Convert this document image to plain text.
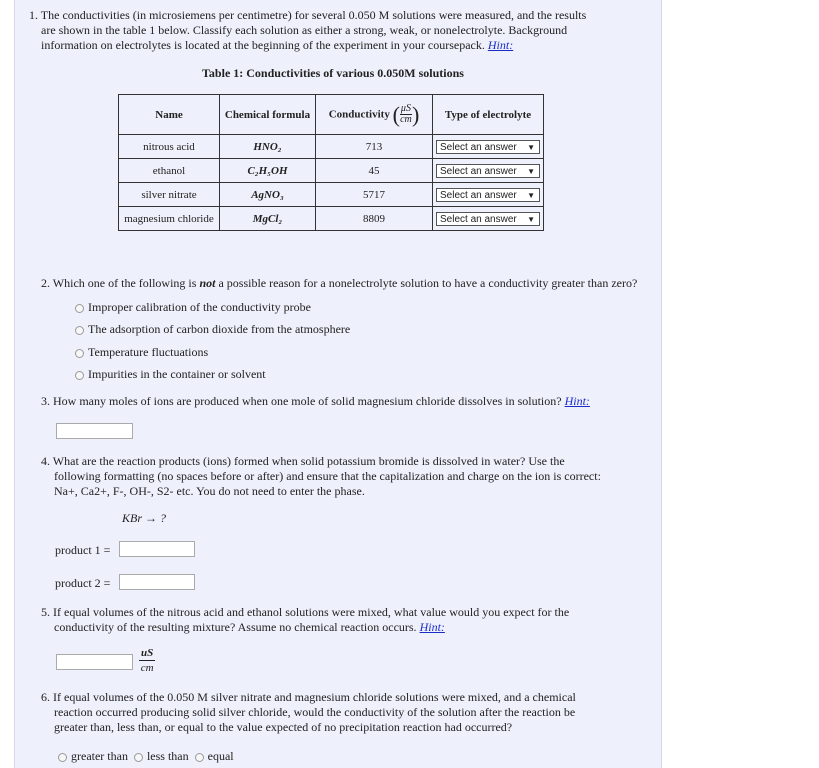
1. The conductivities (in microsiemens per centimetre) for several 0.050 M solutions were measured, and the results
are shown in the table 1 below. Classify each solution as either a strong, weak, or nonelectrolyte. Background
information on electrolytes is located at the beginning of the experiment in your coursepack. Hint:
Table 1: Conductivities of various 0.050M solutions
Name	Chemical formula	Conductivity ( $\frac{\mu S}{cm}$ )	Type of electrolyte
nitrous acid	HNO₂	713	Select an answer ▼

ethanol	C₂H₅OH	45	Select an answer ▼

silver nitrate	AgNO₃	5717	Select an answer ▼

magnesium chloride	MgCl₂	8809	Select an answer ▼
2. Which one of the following is not a possible reason for a nonelectrolyte solution to have a conductivity greater than zero?
Improper calibration of the conductivity probe
The adsorption of carbon dioxide from the atmosphere
Temperature fluctuations
Impurities in the container or solvent
3. How many moles of ions are produced when one mole of solid magnesium chloride dissolves in solution? Hint:
4. What are the reaction products (ions) formed when solid potassium bromide is dissolved in water? Use the
following formatting (no spaces before or after) and ensure that the capitalization and charge on the ion is correct:
Na+, Ca2+, F-, OH-, S2- etc. You do not need to enter the phase.
KBr → ?
product 1 =
product 2 =
5. If equal volumes of the nitrous acid and ethanol solutions were mixed, what value would you expect for the
conductivity of the resulting mixture? Assume no chemical reaction occurs. Hint:
$\frac{uS}{cm}$
6. If equal volumes of the 0.050 M silver nitrate and magnesium chloride solutions were mixed, and a chemical
reaction occurred producing solid silver chloride, would the conductivity of the solution after the reaction be
greater than, less than, or equal to the value expected of no precipitation reaction had occurred?
greater than less than equal
